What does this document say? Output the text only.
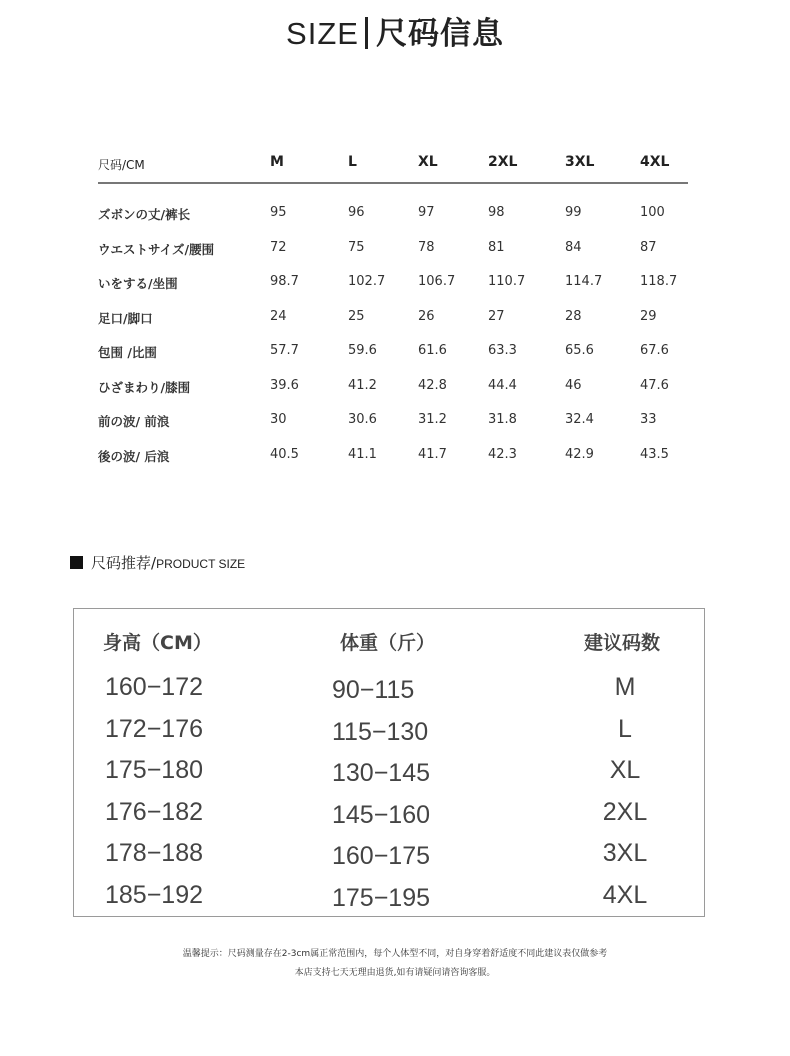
SIZE 尺码信息
尺码/CM	M	L	XL	2XL	3XL	4XL
ズボンの丈/裤长	95	96	97	98	99	100
ウエストサイズ/腰围	72	75	78	81	84	87
いをする/坐围	98.7	102.7	106.7	110.7	114.7	118.7
足口/脚口	24	25	26	27	28	29
包围 /比围	57.7	59.6	61.6	63.3	65.6	67.6
ひざまわり/膝围	39.6	41.2	42.8	44.4	46	47.6
前の波/ 前浪	30	30.6	31.2	31.8	32.4	33
後の波/ 后浪	40.5	41.1	41.7	42.3	42.9	43.5
尺码推荐/PRODUCT SIZE
身高（CM）	体重（斤）	建议码数
160−172	90−115	M
172−176	115−130	L
175−180	130−145	XL
176−182	145−160	2XL
178−188	160−175	3XL
185−192	175−195	4XL
温馨提示：尺码测量存在2-3cm属正常范围内，每个人体型不同，对自身穿着舒适度不同此建议表仅做参考
本店支持七天无理由退货,如有请疑问请咨询客服。
